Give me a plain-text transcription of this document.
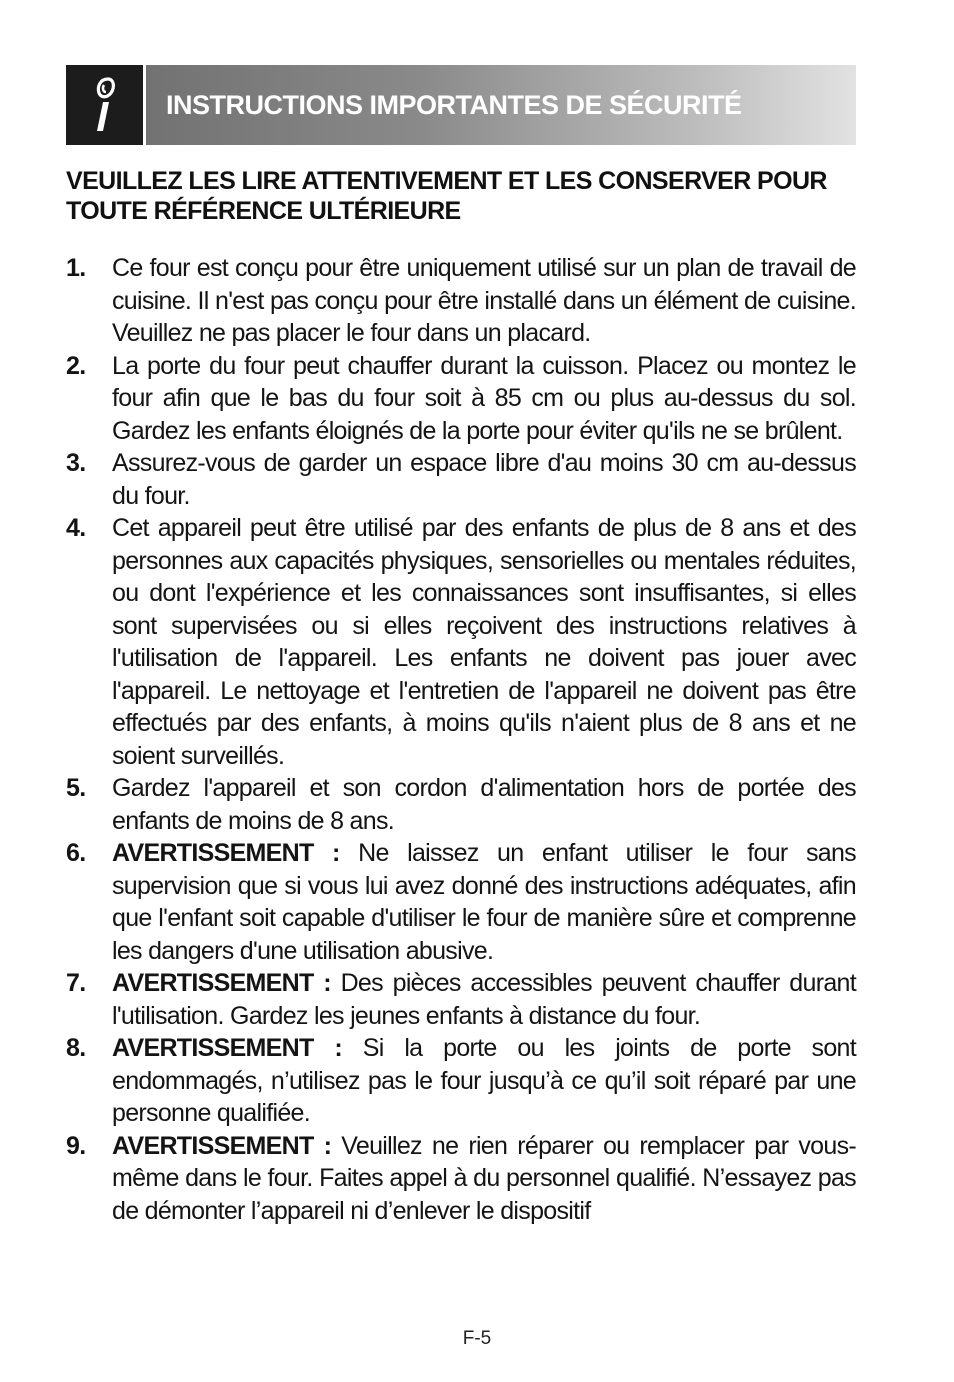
INSTRUCTIONS IMPORTANTES DE SÉCURITÉ

VEUILLEZ LES LIRE ATTENTIVEMENT ET LES CONSERVER POUR TOUTE RÉFÉRENCE ULTÉRIEURE

1. Ce four est conçu pour être uniquement utilisé sur un plan de travail de cuisine. Il n'est pas conçu pour être installé dans un élément de cuisine. Veuillez ne pas placer le four dans un placard.
2. La porte du four peut chauffer durant la cuisson. Placez ou montez le four afin que le bas du four soit à 85 cm ou plus au-dessus du sol. Gardez les enfants éloignés de la porte pour éviter qu'ils ne se brûlent.
3. Assurez-vous de garder un espace libre d'au moins 30 cm au-dessus du four.
4. Cet appareil peut être utilisé par des enfants de plus de 8 ans et des personnes aux capacités physiques, sensorielles ou mentales réduites, ou dont l'expérience et les connaissances sont insuffisantes, si elles sont supervisées ou si elles reçoivent des instructions relatives à l'utilisation de l'appareil. Les enfants ne doivent pas jouer avec l'appareil. Le nettoyage et l'entretien de l'appareil ne doivent pas être effectués par des enfants, à moins qu'ils n'aient plus de 8 ans et ne soient surveillés.
5. Gardez l'appareil et son cordon d'alimentation hors de portée des enfants de moins de 8 ans.
6. AVERTISSEMENT : Ne laissez un enfant utiliser le four sans supervision que si vous lui avez donné des instructions adéquates, afin que l'enfant soit capable d'utiliser le four de manière sûre et comprenne les dangers d'une utilisation abusive.
7. AVERTISSEMENT : Des pièces accessibles peuvent chauffer durant l'utilisation. Gardez les jeunes enfants à distance du four.
8. AVERTISSEMENT : Si la porte ou les joints de porte sont endommagés, n’utilisez pas le four jusqu’à ce qu’il soit réparé par une personne qualifiée.
9. AVERTISSEMENT : Veuillez ne rien réparer ou remplacer par vous-même dans le four. Faites appel à du personnel qualifié. N’essayez pas de démonter l’appareil ni d’enlever le dispositif
F-5
